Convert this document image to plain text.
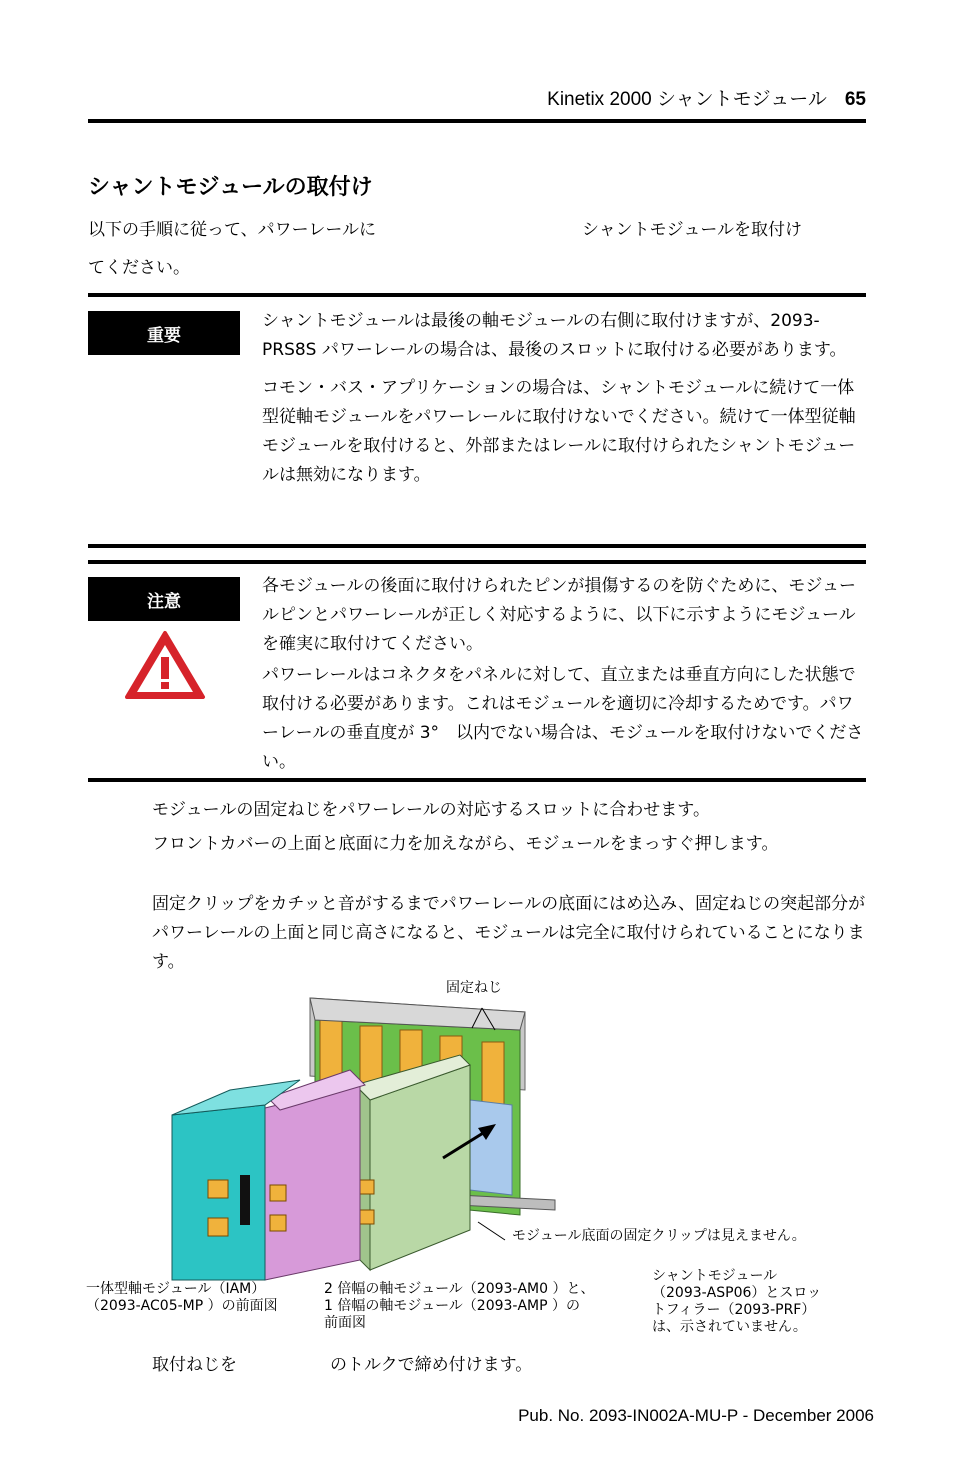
Kinetix 2000 シャントモジュール 65
シャントモジュールの取付け
以下の手順に従って、パワーレールに	シャントモジュールを取付け
てください。
重要

シャントモジュールは最後の軸モジュールの右側に取付けますが、2093-PRS8S パワーレールの場合は、最後のスロットに取付ける必要があります。

コモン・バス・アプリケーションの場合は、シャントモジュールに続けて一体型従軸モジュールをパワーレールに取付けないでください。続けて一体型従軸モジュールを取付けると、外部またはレールに取付けられたシャントモジュールは無効になります。

注意

各モジュールの後面に取付けられたピンが損傷するのを防ぐために、モジュールピンとパワーレールが正しく対応するように、以下に示すようにモジュールを確実に取付けてください。

パワーレールはコネクタをパネルに対して、直立または垂直方向にした状態で取付ける必要があります。これはモジュールを適切に冷却するためです。パワーレールの垂直度が 3°　以内でない場合は、モジュールを取付けないでください。

モジュールの固定ねじをパワーレールの対応するスロットに合わせます。
フロントカバーの上面と底面に力を加えながら、モジュールをまっすぐ押します。
固定クリップをカチッと音がするまでパワーレールの底面にはめ込み、固定ねじの突起部分がパワーレールの上面と同じ高さになると、モジュールは完全に取付けられていることになります。
固定ねじ
モジュール底面の固定クリップは見えません。
一体型軸モジュール（IAM）
（2093-AC05-MP ）の前面図
2 倍幅の軸モジュール（2093-AM0 ）と、
1 倍幅の軸モジュール（2093-AMP ）の
前面図
シャントモジュール
（2093-ASP06）とスロッ
トフィラー（2093-PRF）
は、示されていません。
取付ねじを	のトルクで締め付けます。
Pub. No. 2093-IN002A-MU-P - December 2006
